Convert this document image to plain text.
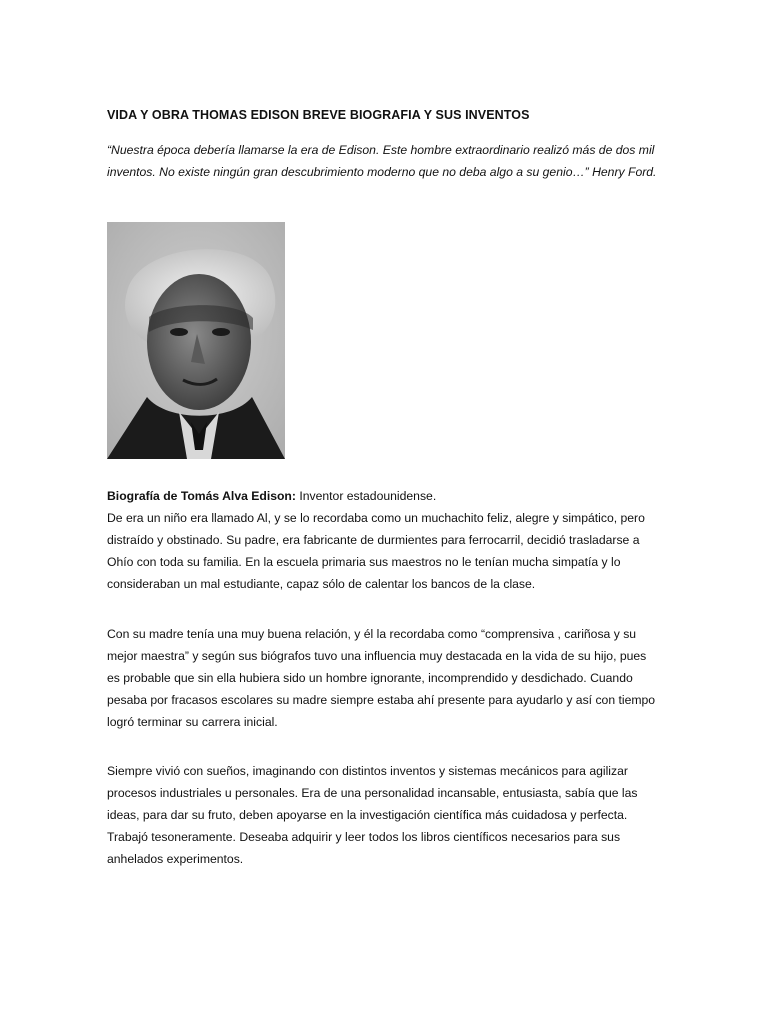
VIDA Y OBRA THOMAS EDISON BREVE BIOGRAFIA Y SUS INVENTOS
“Nuestra época debería llamarse la era de Edison. Este hombre extraordinario realizó más de dos mil
inventos. No existe ningún gran descubrimiento moderno que no deba algo a su genio…” Henry Ford.
Biografía de Tomás Alva Edison: Inventor estadounidense.
De era un niño era llamado Al, y se lo recordaba como un muchachito feliz, alegre y simpático, pero
distraído y obstinado. Su padre, era fabricante de durmientes para ferrocarril, decidió trasladarse a
Ohío con toda su familia. En la escuela primaria sus maestros no le tenían mucha simpatía y lo
consideraban un mal estudiante, capaz sólo de calentar los bancos de la clase.
Con su madre tenía una muy buena relación, y él la recordaba como “comprensiva , cariñosa y su
mejor maestra” y según sus biógrafos tuvo una influencia muy destacada en la vida de su hijo, pues
es probable que sin ella hubiera sido un hombre ignorante, incomprendido y desdichado. Cuando
pesaba por fracasos escolares su madre siempre estaba ahí presente para ayudarlo y así con tiempo
logró terminar su carrera inicial.
Siempre vivió con sueños, imaginando con distintos inventos y sistemas mecánicos para agilizar
procesos industriales u personales. Era de una personalidad incansable, entusiasta, sabía que las
ideas, para dar su fruto, deben apoyarse en la investigación científica más cuidadosa y perfecta.
Trabajó tesoneramente. Deseaba adquirir y leer todos los libros científicos necesarios para sus
anhelados experimentos.
